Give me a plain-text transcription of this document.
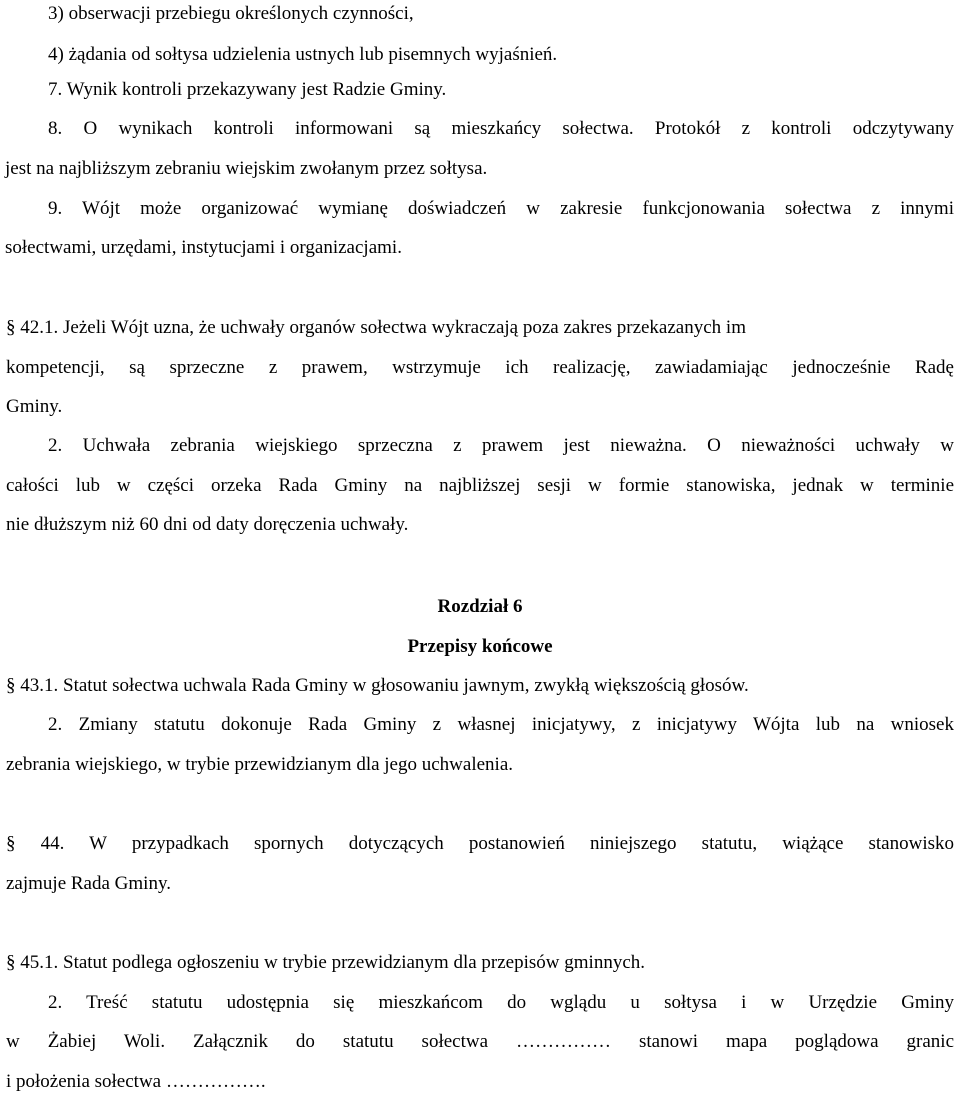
3) obserwacji przebiegu określonych czynności,
4) żądania od sołtysa udzielenia ustnych lub pisemnych wyjaśnień.
7. Wynik kontroli przekazywany jest Radzie Gminy.
8. O wynikach kontroli informowani są mieszkańcy sołectwa. Protokół z kontroli odczytywany
jest na najbliższym zebraniu wiejskim zwołanym przez sołtysa.
9. Wójt może organizować wymianę doświadczeń w zakresie funkcjonowania sołectwa z innymi
sołectwami, urzędami, instytucjami i organizacjami.
§ 42.1. Jeżeli Wójt uzna, że uchwały organów sołectwa wykraczają poza zakres przekazanych im
kompetencji, są sprzeczne z prawem, wstrzymuje ich realizację, zawiadamiając jednocześnie Radę
Gminy.
2. Uchwała zebrania wiejskiego sprzeczna z prawem jest nieważna. O nieważności uchwały w
całości lub w części orzeka Rada Gminy na najbliższej sesji w formie stanowiska, jednak w terminie
nie dłuższym niż 60 dni od daty doręczenia uchwały.
Rozdział 6
Przepisy końcowe
§ 43.1. Statut sołectwa uchwala Rada Gminy w głosowaniu jawnym, zwykłą większością głosów.
2. Zmiany statutu dokonuje Rada Gminy z własnej inicjatywy, z inicjatywy Wójta lub na wniosek
zebrania wiejskiego, w trybie przewidzianym dla jego uchwalenia.
§ 44. W przypadkach spornych dotyczących postanowień niniejszego statutu, wiążące stanowisko
zajmuje Rada Gminy.
§ 45.1. Statut podlega ogłoszeniu w trybie przewidzianym dla przepisów gminnych.
2. Treść statutu udostępnia się mieszkańcom do wglądu u sołtysa i w Urzędzie Gminy
w Żabiej Woli. Załącznik do statutu sołectwa …………… stanowi mapa poglądowa granic
i położenia sołectwa …………….
